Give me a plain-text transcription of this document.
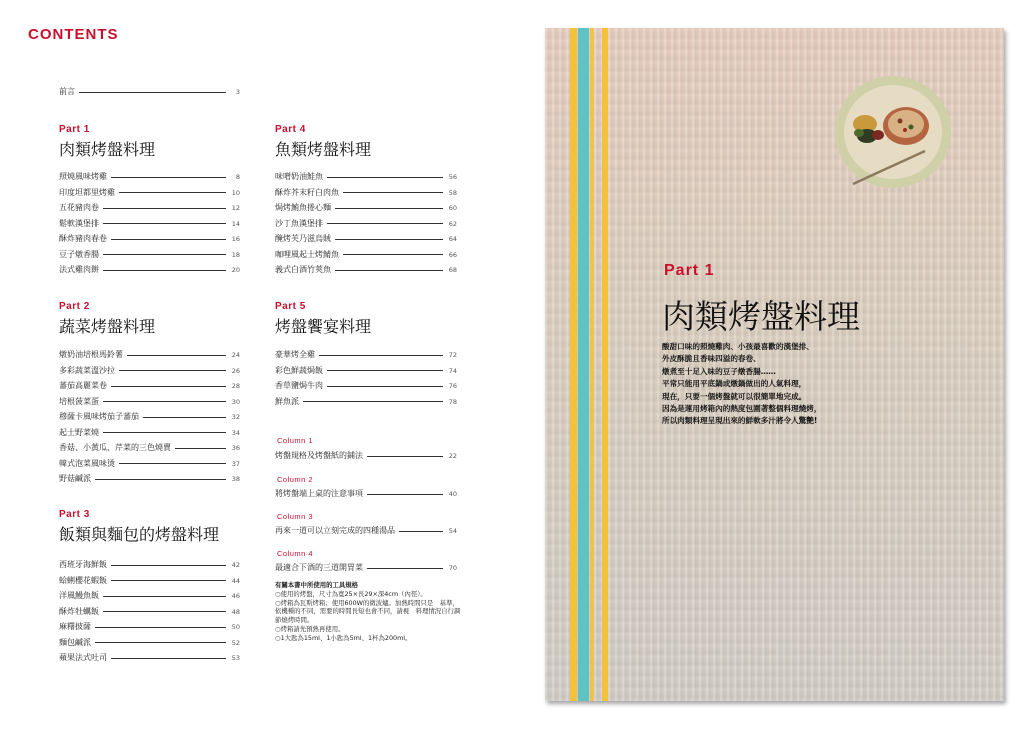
CONTENTS
前言	3
Part 1
肉類烤盤料理
照燒風味烤雞	8
印度坦都里烤雞	10
五花豬肉卷	12
鬆軟漢堡排	14
酥炸豬肉春卷	16
豆子燉香腸	18
法式雞肉餅	20
Part 2
蔬菜烤盤料理
燉奶油培根馬鈴薯	24
多彩蔬菜溫沙拉	26
蕃茄高麗菜卷	28
培根菠菜蛋	30
穆薩卡風味烤茄子蕃茄	32
起士野菜燒	34
香菇、小黃瓜、芹菜的三色燒賣	36
韓式泡菜風味烫	37
野菇鹹派	38
Part 3
飯類與麵包的烤盤料理
西班牙海鮮飯	42
蛤蜊櫻花蝦飯	44
洋風鰻魚飯	46
酥炸牡蠣飯	48
麻糬披薩	50
麵包鹹派	52
蘋果法式吐司	53
Part 4
魚類烤盤料理
味噌奶油鮭魚	56
酥炸芥末籽白肉魚	58
焗烤鮪魚捲心麵	60
沙丁魚漢堡排	62
醃烤芙乃滋烏賊	64
咖哩風起士烤鯖魚	66
義式白酒竹莢魚	68
Part 5
烤盤饗宴料理
豪華烤全雞	72
彩色鮮蔬焗飯	74
香草鹽焗牛肉	76
鮮魚派	78
Column 1
烤盤規格及烤盤紙的鋪法	22
Column 2
將烤盤端上桌的注意事項	40
Column 3
再來一道可以立刻完成的四種湯品	54
Column 4
最適合下酒的三道開胃菜	70
有關本書中所使用的工具規格
○使用的烤盤，尺寸為寬25×長29×深4cm（內徑）。
○烤箱為瓦斯烤箱；使用600W的微波爐。加熱時間只是　基準，依機種的不同，需要的時間長短也會不同，請視　料理情況自行調節燒烤時間。
○烤箱請先預熱再使用。
○1大匙為15ml、1小匙為5ml、1杯為200ml。
Part 1
肉類烤盤料理
酸甜口味的照燒雞肉、小孩最喜歡的漢堡排、
外皮酥脆且香味四溢的春卷、
燉煮至十足入味的豆子燉香腸……
平常只能用平底鍋或燉鍋做出的人氣料理，
現在，只要一個烤盤就可以很簡單地完成。
因為是運用烤箱內的熱度包圍著整個料理燒烤，
所以肉類料理呈現出來的鮮軟多汁將令人驚艷!
